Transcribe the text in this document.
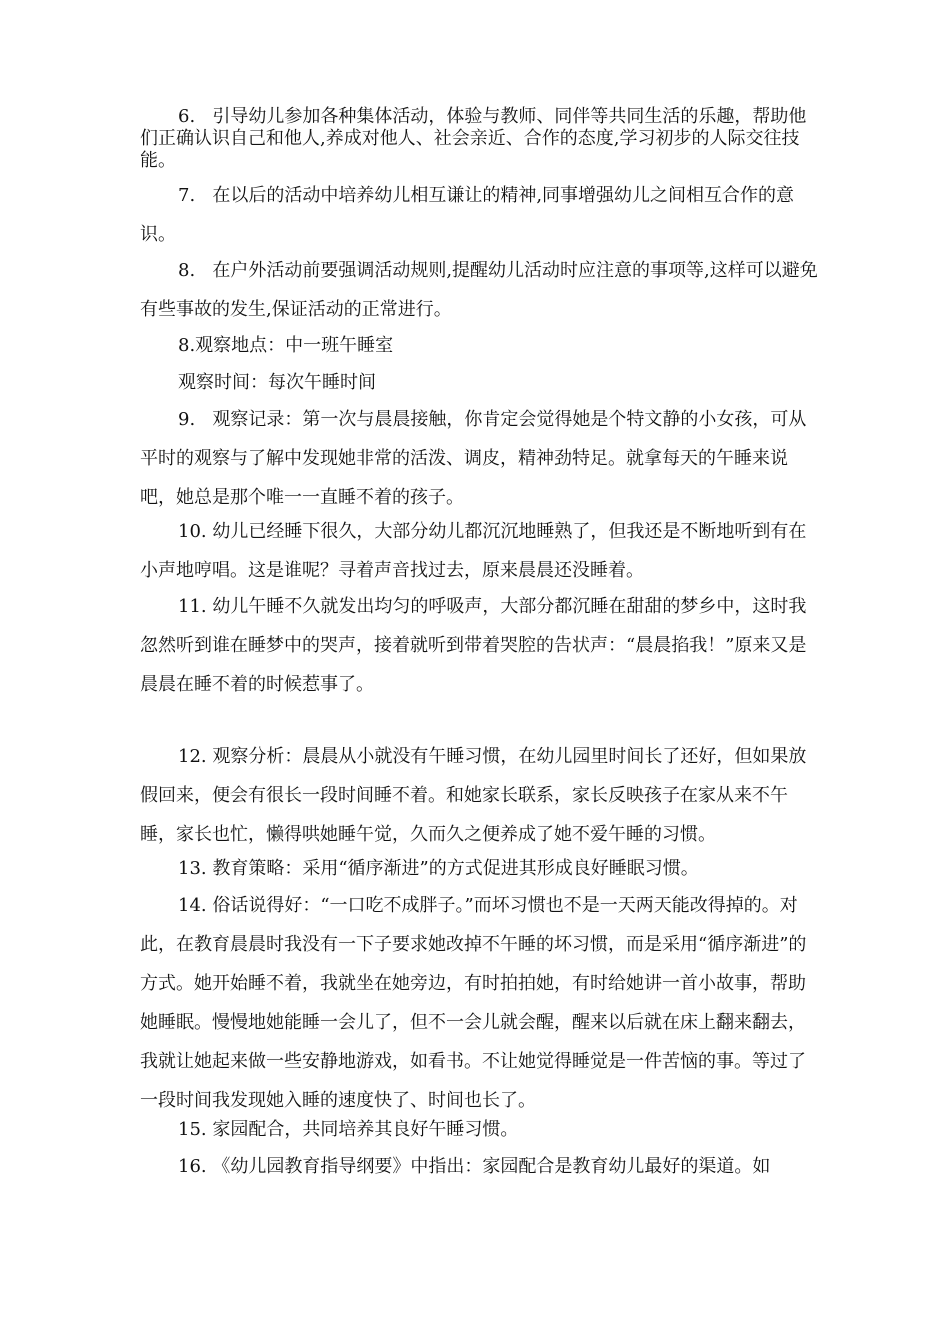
6.   引导幼儿参加各种集体活动，体验与教师、同伴等共同生活的乐趣，帮助他们正确认识自己和他人,养成对他人、社会亲近、合作的态度,学习初步的人际交往技能。

7.   在以后的活动中培养幼儿相互谦让的精神,同事增强幼儿之间相互合作的意识。

8.   在户外活动前要强调活动规则,提醒幼儿活动时应注意的事项等,这样可以避免有些事故的发生,保证活动的正常进行。

8.观察地点：中一班午睡室

观察时间：每次午睡时间

9.   观察记录：第一次与晨晨接触，你肯定会觉得她是个特文静的小女孩，可从平时的观察与了解中发现她非常的活泼、调皮，精神劲特足。就拿每天的午睡来说吧，她总是那个唯一一直睡不着的孩子。

10. 幼儿已经睡下很久，大部分幼儿都沉沉地睡熟了，但我还是不断地听到有在小声地哼唱。这是谁呢？寻着声音找过去，原来晨晨还没睡着。

11. 幼儿午睡不久就发出均匀的呼吸声，大部分都沉睡在甜甜的梦乡中，这时我忽然听到谁在睡梦中的哭声，接着就听到带着哭腔的告状声：“晨晨掐我！”原来又是晨晨在睡不着的时候惹事了。

12. 观察分析：晨晨从小就没有午睡习惯，在幼儿园里时间长了还好，但如果放假回来，便会有很长一段时间睡不着。和她家长联系，家长反映孩子在家从来不午睡，家长也忙，懒得哄她睡午觉，久而久之便养成了她不爱午睡的习惯。

13. 教育策略：采用“循序渐进”的方式促进其形成良好睡眠习惯。

14. 俗话说得好：“一口吃不成胖子。”而坏习惯也不是一天两天能改得掉的。对此，在教育晨晨时我没有一下子要求她改掉不午睡的坏习惯，而是采用“循序渐进”的方式。她开始睡不着，我就坐在她旁边，有时拍拍她，有时给她讲一首小故事，帮助她睡眠。慢慢地她能睡一会儿了，但不一会儿就会醒，醒来以后就在床上翻来翻去，我就让她起来做一些安静地游戏，如看书。不让她觉得睡觉是一件苦恼的事。等过了一段时间我发现她入睡的速度快了、时间也长了。

15. 家园配合，共同培养其良好午睡习惯。

16. 《幼儿园教育指导纲要》中指出：家园配合是教育幼儿最好的渠道。如
